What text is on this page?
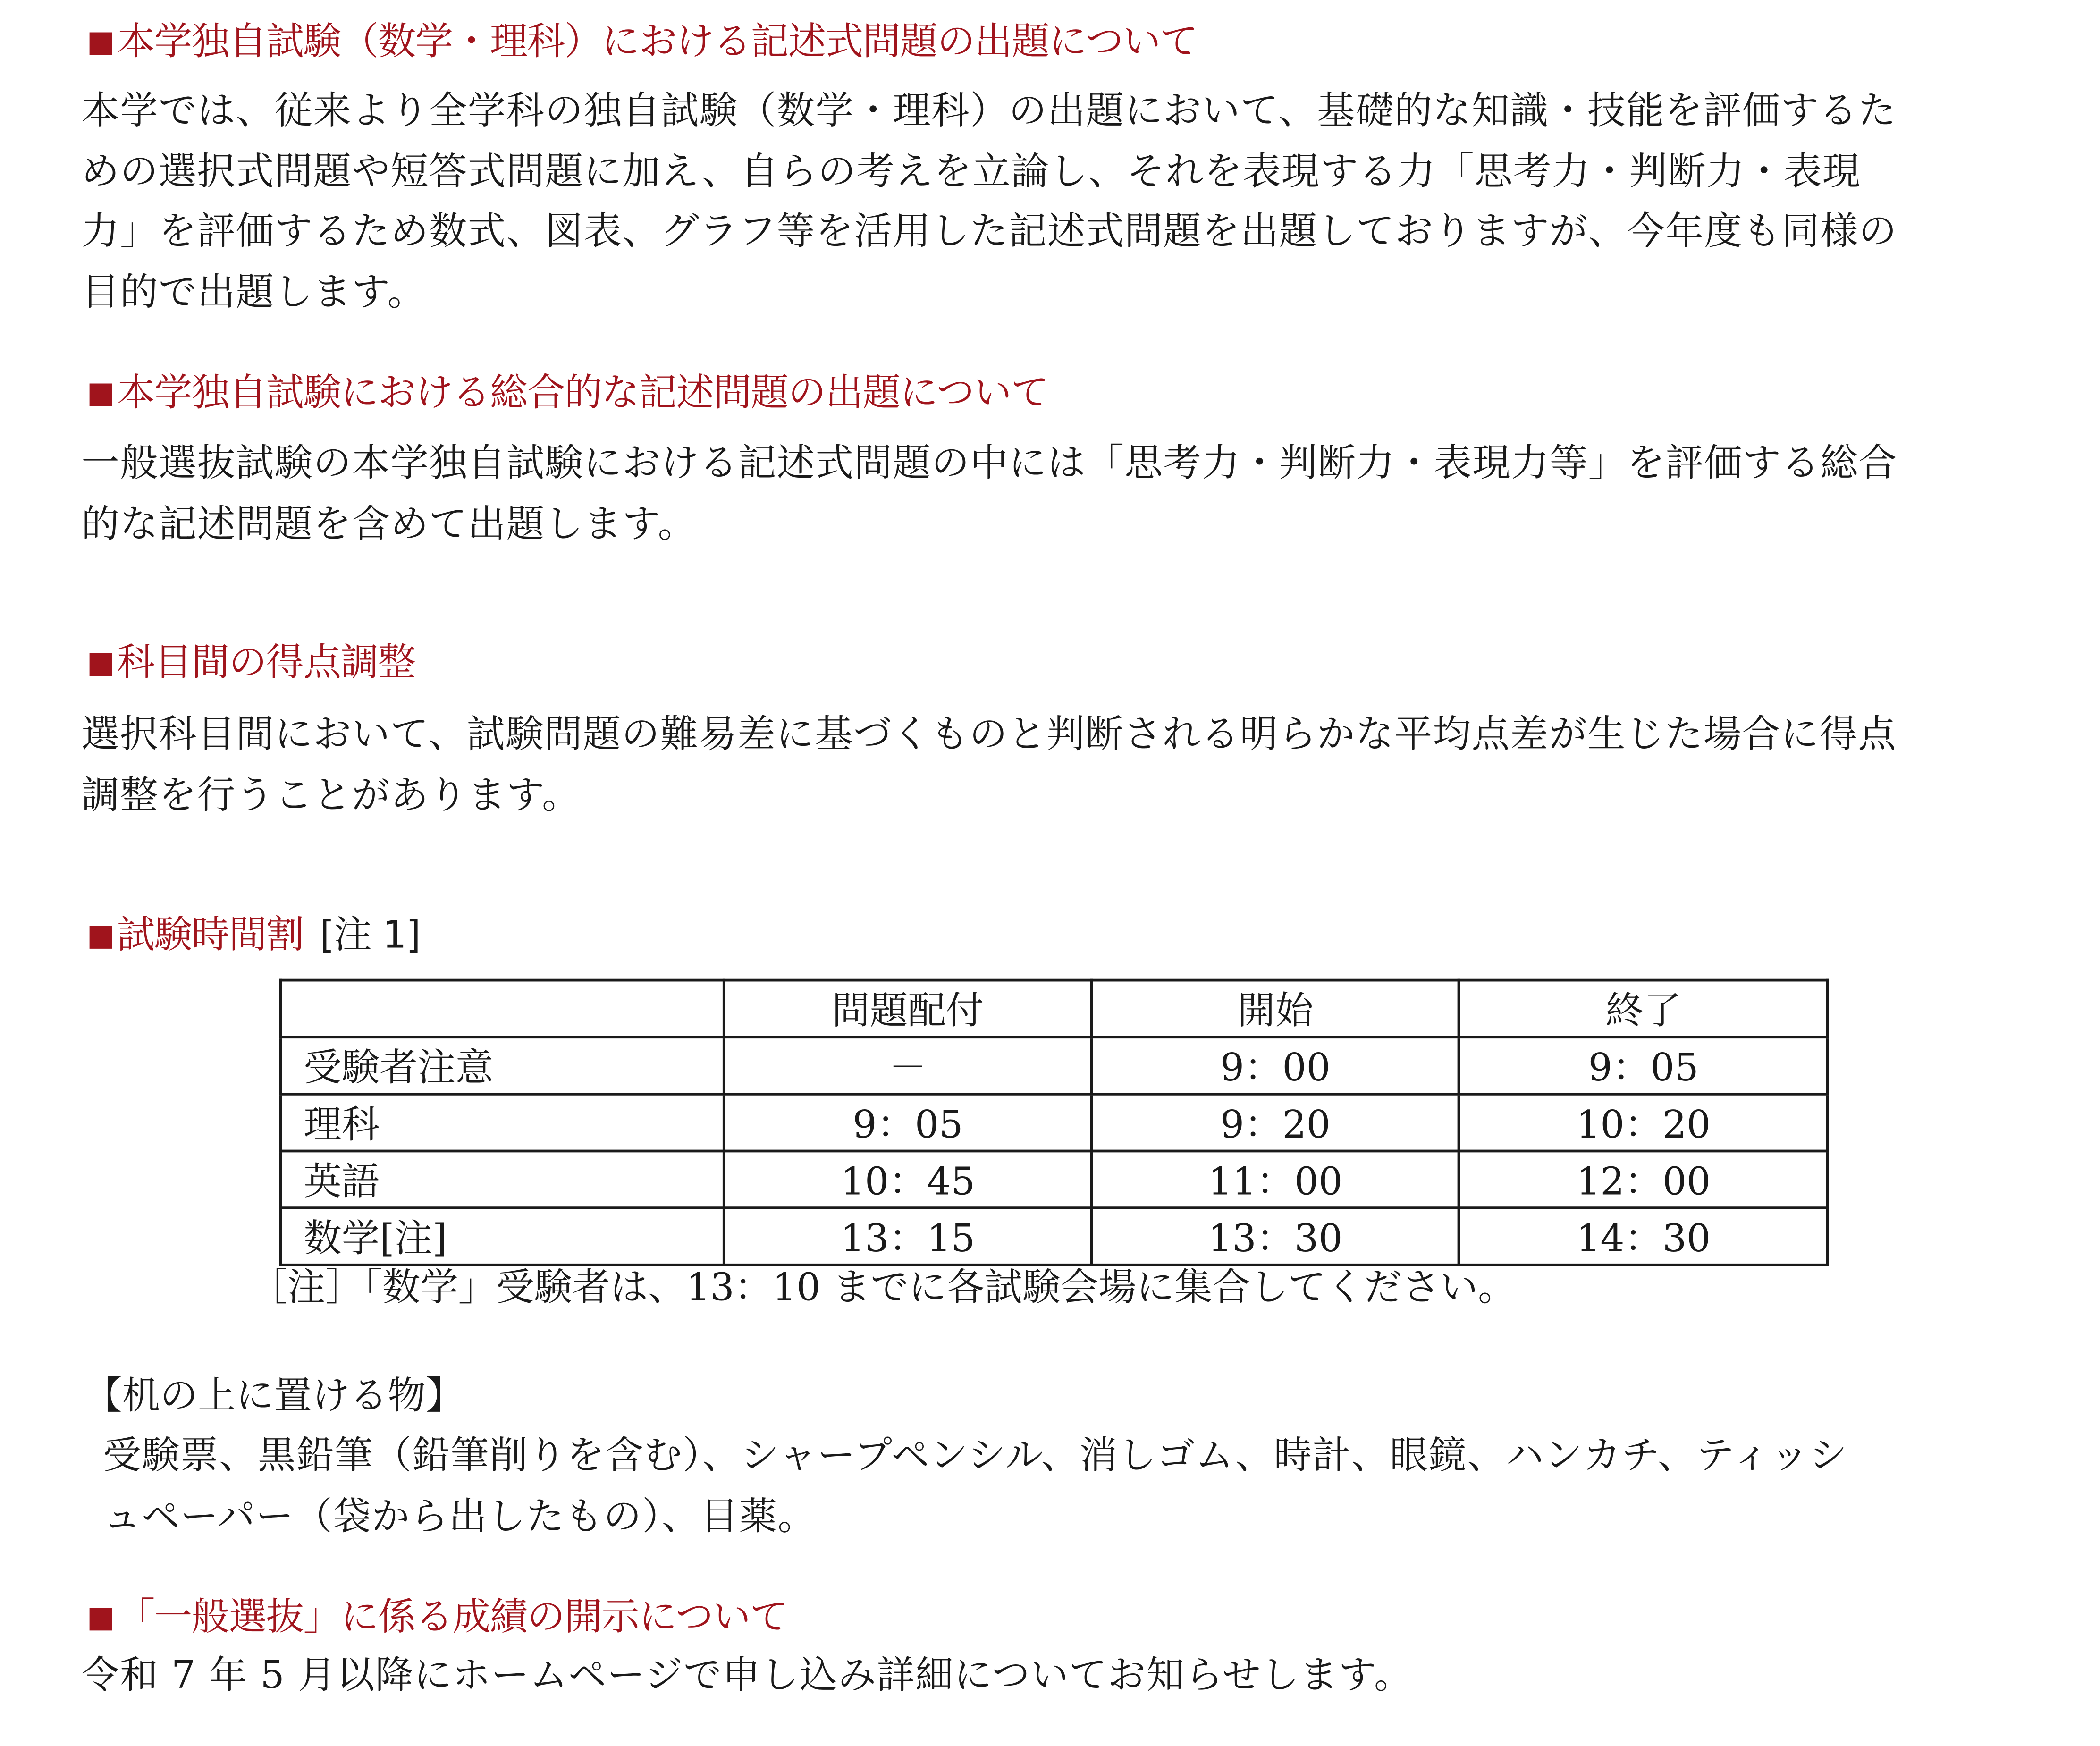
■ 本学独自試験（数学・理科）における記述式問題の出題について

本学では、従来より全学科の独自試験（数学・理科）の出題において、基礎的な知識・技能を評価するた

めの選択式問題や短答式問題に加え、自らの考えを立論し、それを表現する力「思考力・判断力・表現

力」を評価するため数式、図表、グラフ等を活用した記述式問題を出題しておりますが、今年度も同様の

目的で出題します。

■ 本学独自試験における総合的な記述問題の出題について

一般選抜試験の本学独自試験における記述式問題の中には「思考力・判断力・表現力等」を評価する総合

的な記述問題を含めて出題します。

■ 科目間の得点調整

選択科目間において、試験問題の難易差に基づくものと判断される明らかな平均点差が生じた場合に得点

調整を行うことがあります。

■ 試験時間割 [注 1]
	問題配付	開始	終了
受験者注意	－	9：00	9：05
理科	9：05	9：20	10：20
英語	10：45	11：00	12：00
数学[注]	13：15	13：30	14：30
［注］「数学」受験者は、13：10 までに各試験会場に集合してください。
【机の上に置ける物】

受験票、黒鉛筆（鉛筆削りを含む）、シャープペンシル、消しゴム、時計、眼鏡、ハンカチ、ティッシ

ュペーパー（袋から出したもの）、目薬。

■ 「一般選抜」に係る成績の開示について

令和 7 年 5 月以降にホームページで申し込み詳細についてお知らせします。
